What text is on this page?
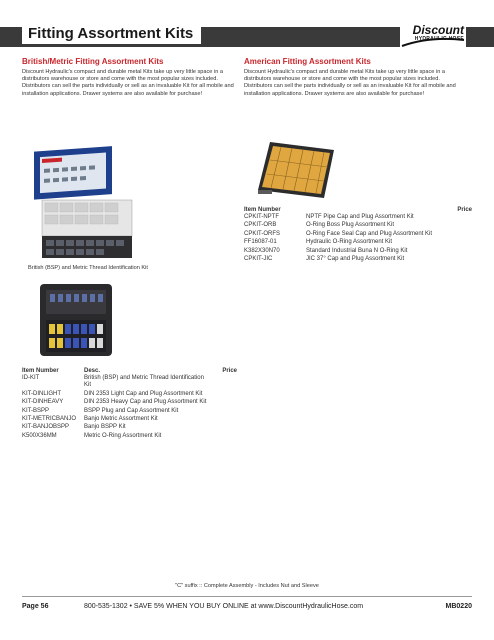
Fitting Assortment Kits	Discount
HYDRAULIC HOSE
British/Metric Fitting Assortment Kits
Discount Hydraulic's compact and durable metal Kits take up very little space in a distributors warehouse or store and come with the most popular sizes included. Distributors can sell the parts individually or sell as an invaluable Kit for all mobile and installation applications. Drawer systems are also available for purchase!
American Fitting Assortment Kits
Discount Hydraulic's compact and durable metal Kits take up very little space in a distributors warehouse or store and come with the most popular sizes included. Distributors can sell the parts individually or sell as an invaluable Kit for all mobile and installation applications. Drawer systems are also available for purchase!
British (BSP) and Metric Thread Identification Kit
Item Number		Price
CPKIT-NPTF	NPTF Pipe Cap and Plug Assortment Kit	
CPKIT-ORB	O-Ring Boss Plug Assortment Kit	
CPKIT-ORFS	O-Ring Face Seal Cap and Plug Assortment Kit	
FF16087-01	Hydraulic O-Ring Assortment Kit	
K382X30N70	Standard Industrial Buna N O-Ring Kit	
CPKIT-JIC	JIC 37° Cap and Plug Assortment Kit	
Item Number	Desc.	Price
ID-KIT	British (BSP) and Metric Thread Identification Kit	
KIT-DINLIGHT	DIN 2353 Light Cap and Plug Assortment Kit	
KIT-DINHEAVY	DIN 2353 Heavy Cap and Plug Assortment Kit	
KIT-BSPP	BSPP Plug and Cap Assortment Kit	
KIT-METRICBANJO	Banjo Metric Assortment Kit	
KIT-BANJOBSPP	Banjo BSPP Kit	
K500X36MM	Metric O-Ring Assortment Kit	
"C" suffix :: Complete Assembly - Includes Nut and Sleeve
Page 56	800-535-1302 • SAVE 5% WHEN YOU BUY ONLINE at www.DiscountHydraulicHose.com	MB0220
